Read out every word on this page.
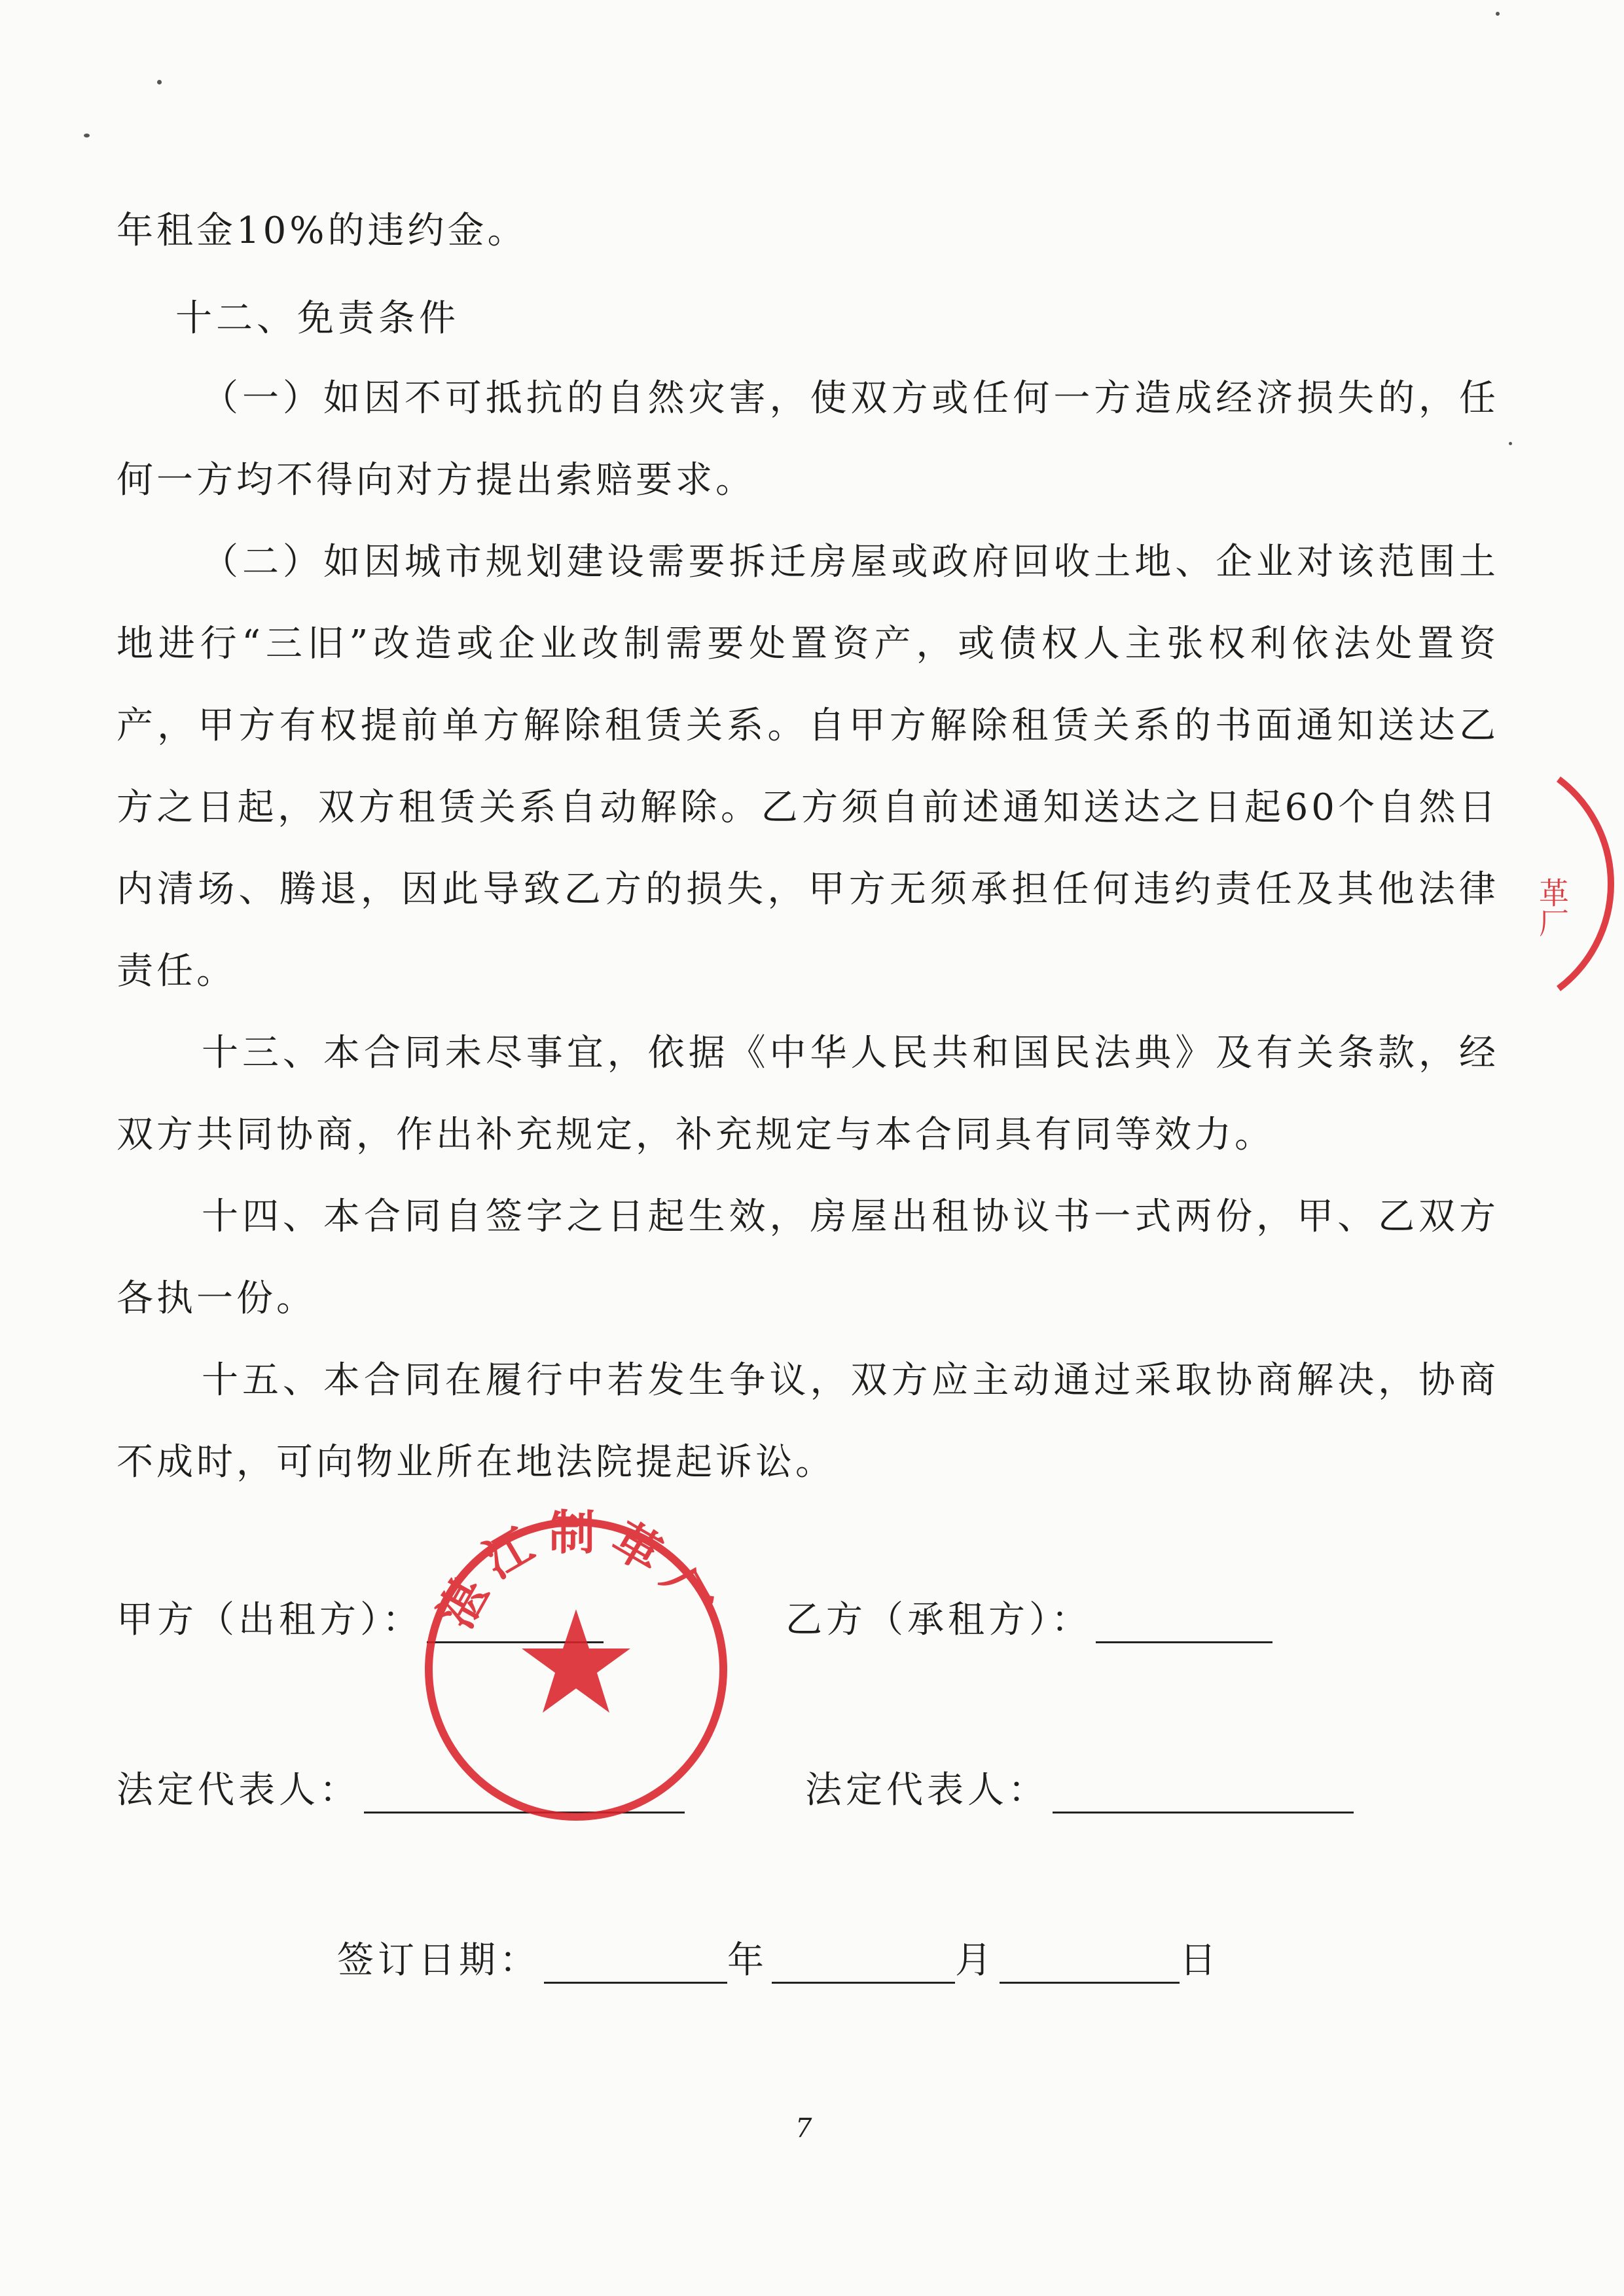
年租金10%的违约金。

十二、免责条件

（一）如因不可抵抗的自然灾害，使双方或任何一方造成经济损失的，任何一方均不得向对方提出索赔要求。

（二）如因城市规划建设需要拆迁房屋或政府回收土地、企业对该范围土地进行“三旧”改造或企业改制需要处置资产，或债权人主张权利依法处置资产，甲方有权提前单方解除租赁关系。自甲方解除租赁关系的书面通知送达乙方之日起，双方租赁关系自动解除。乙方须自前述通知送达之日起60个自然日内清场、腾退，因此导致乙方的损失，甲方无须承担任何违约责任及其他法律责任。

十三、本合同未尽事宜，依据《中华人民共和国民法典》及有关条款，经双方共同协商，作出补充规定，补充规定与本合同具有同等效力。

十四、本合同自签字之日起生效，房屋出租协议书一式两份，甲、乙双方各执一份。

十五、本合同在履行中若发生争议，双方应主动通过采取协商解决，协商不成时，可向物业所在地法院提起诉讼。

甲方（出租方）：	乙方（承租方）：
法定代表人：	法定代表人：
签订日期：	年	月	日
湛江制革厂
革厂
7
